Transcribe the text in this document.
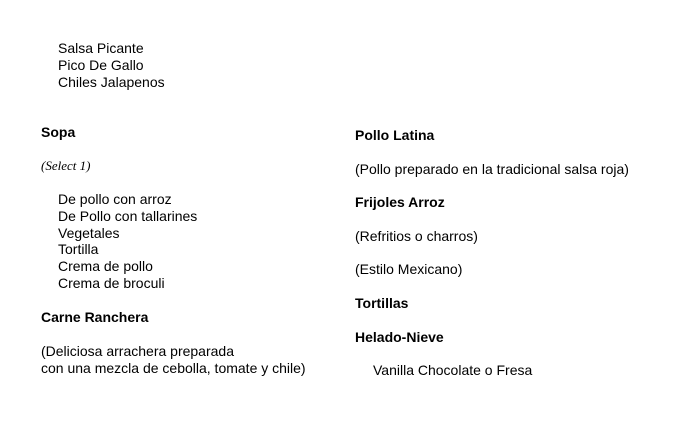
Salsa Picante
Pico De Gallo
Chiles Jalapenos
Sopa
(Select 1)
De pollo con arroz
De Pollo con tallarines
Vegetales
Tortilla
Crema de pollo
Crema de broculi
Carne Ranchera
(Deliciosa arrachera preparada
con una mezcla de cebolla, tomate y chile)
Pollo Latina
(Pollo preparado en la tradicional salsa roja)
Frijoles Arroz
(Refritios o charros)
(Estilo Mexicano)
Tortillas
Helado-Nieve
Vanilla Chocolate o Fresa
